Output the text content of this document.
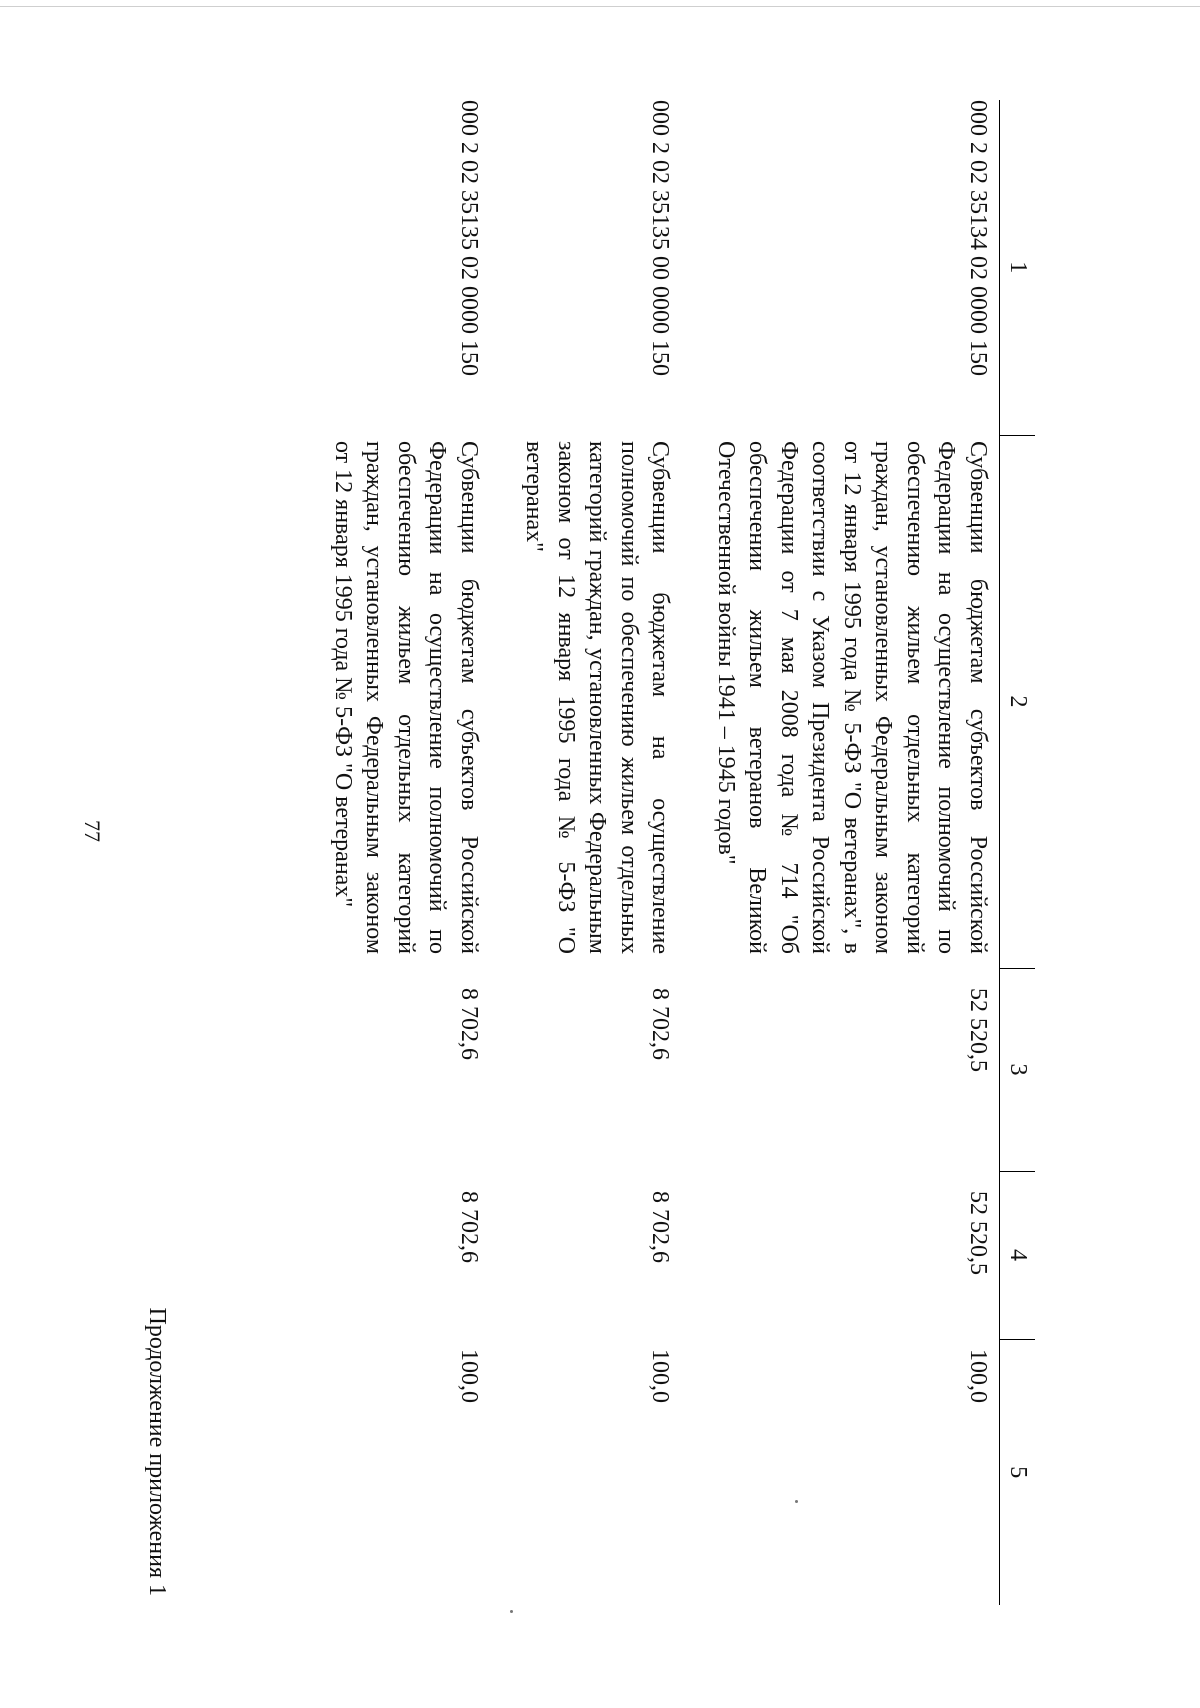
77
Продолжение приложения 1
1	2	3	4	5
000 2 02 35134 02 0000 150	Субвенции бюджетам субъектов Российской Федерации на осуществление полномочий по обеспечению жильем отдельных категорий граждан, установленных Федеральным законом от 12 января 1995 года № 5-ФЗ "О ветеранах", в соответствии с Указом Президента Российской Федерации от 7 мая 2008 года № 714 "Об обеспечении жильем ветеранов Великой Отечественной войны 1941 – 1945 годов"	52 520,5	52 520,5	100,0
000 2 02 35135 00 0000 150	Субвенции бюджетам на осуществление полномочий по обеспечению жильем отдельных категорий граждан, установленных Федеральным законом от 12 января 1995 года № 5-ФЗ "О ветеранах"	8 702,6	8 702,6	100,0
000 2 02 35135 02 0000 150	Субвенции бюджетам субъектов Российской Федерации на осуществление полномочий по обеспечению жильем отдельных категорий граждан, установленных Федеральным законом от 12 января 1995 года № 5-ФЗ "О ветеранах"	8 702,6	8 702,6	100,0
